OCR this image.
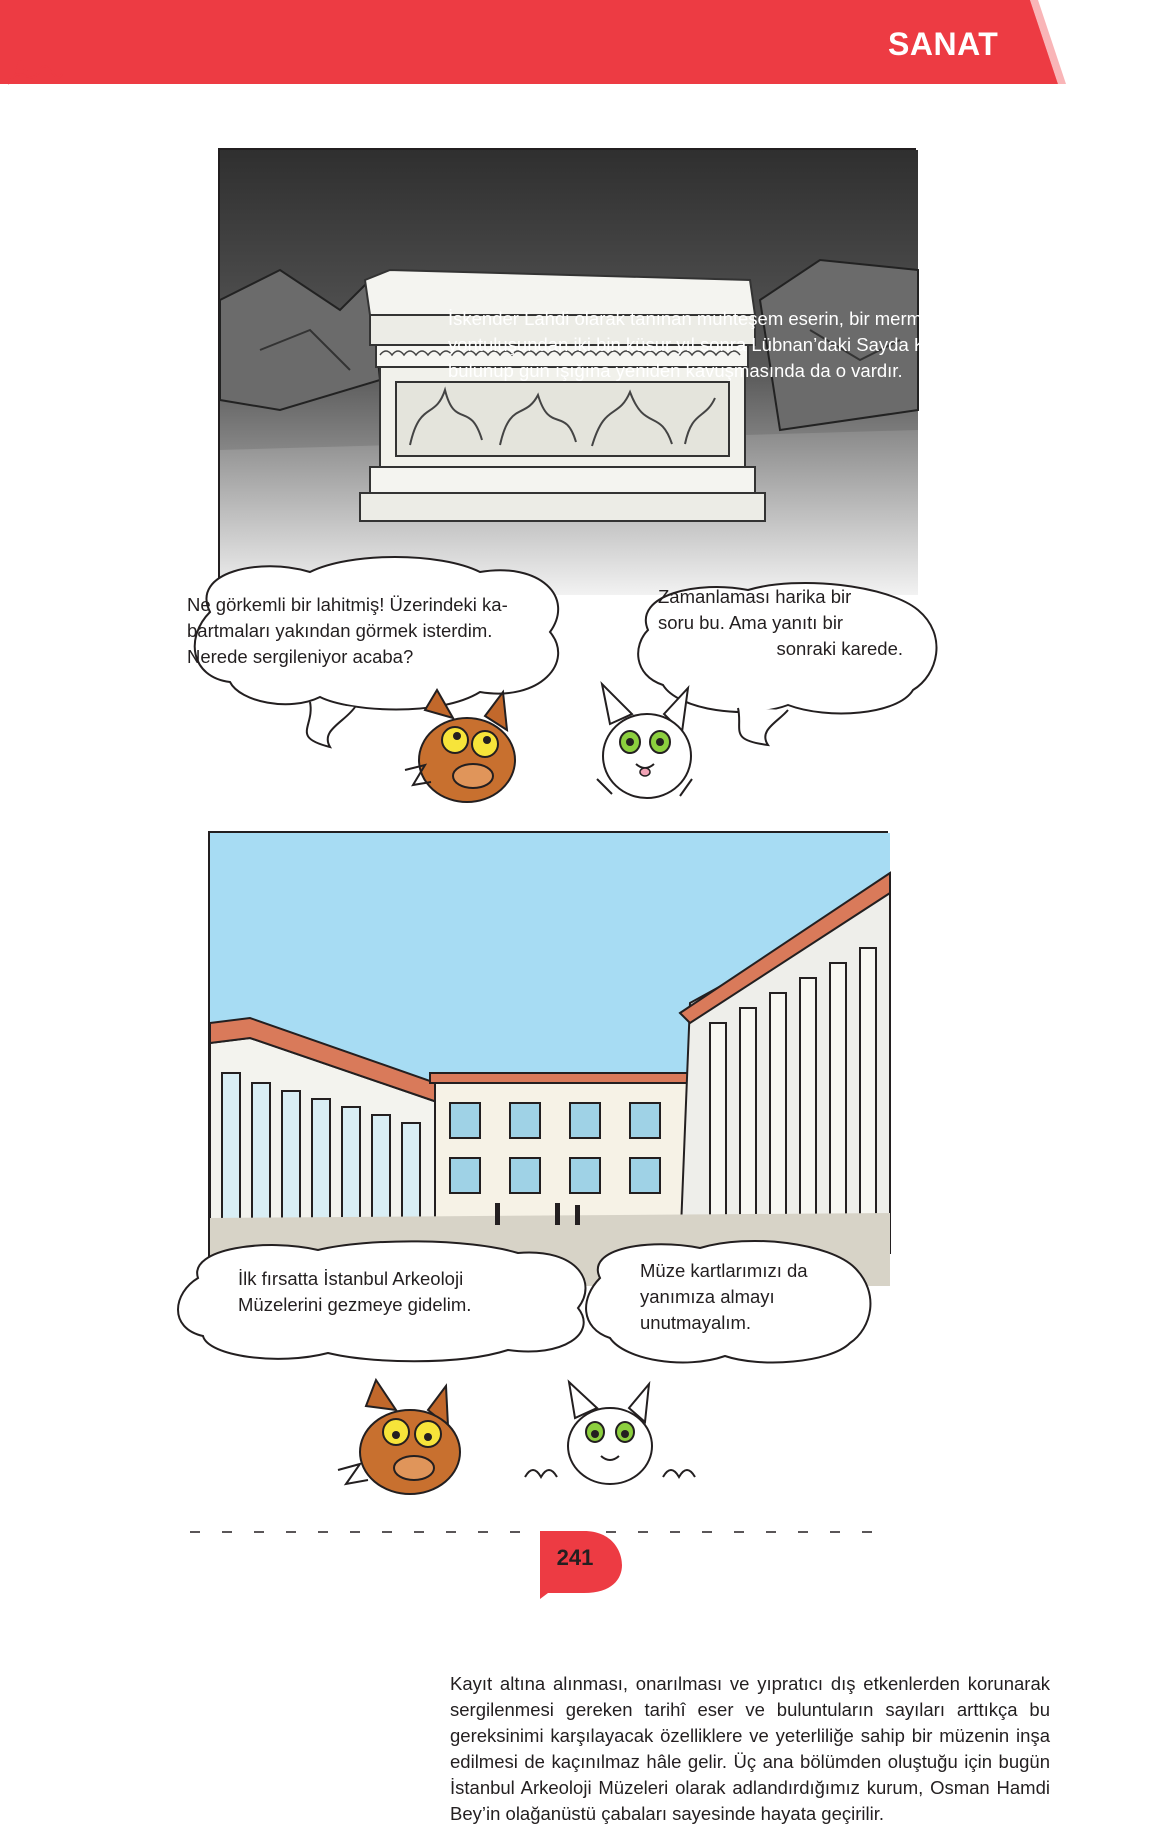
SANAT
İskender Lahdi olarak tanınan muhteşem eserin, bir mermer kütlesinden yontuluşundan iki bin küsur yıl sonra Lübnan’daki Sayda Kral Mezarlığı kazısında bulunup gün ışığına yeniden kavuşmasında da o vardır.
Ne görkemli bir lahitmiş! Üzerindeki ka-
bartmaları yakından görmek isterdim.
Nerede sergileniyor acaba?
Zamanlaması harika bir
soru bu. Ama yanıtı bir
sonraki karede.
Kayıt altına alınması, onarılması ve yıpratıcı dış etkenlerden korunarak sergilenmesi gereken tarihî eser ve buluntuların sayıları arttıkça bu gereksinimi karşılayacak özelliklere ve yeterliliğe sahip bir müzenin inşa edilmesi de kaçınılmaz hâle gelir. Üç ana bölümden oluştuğu için bugün İstanbul Arkeoloji Müzeleri olarak adlandırdığımız kurum, Osman Hamdi Bey’in olağanüstü çabaları sayesinde hayata geçirilir.
İlk fırsatta İstanbul Arkeoloji
Müzelerini gezmeye gidelim.
Müze kartlarımızı da
yanımıza almayı
unutmayalım.
241
